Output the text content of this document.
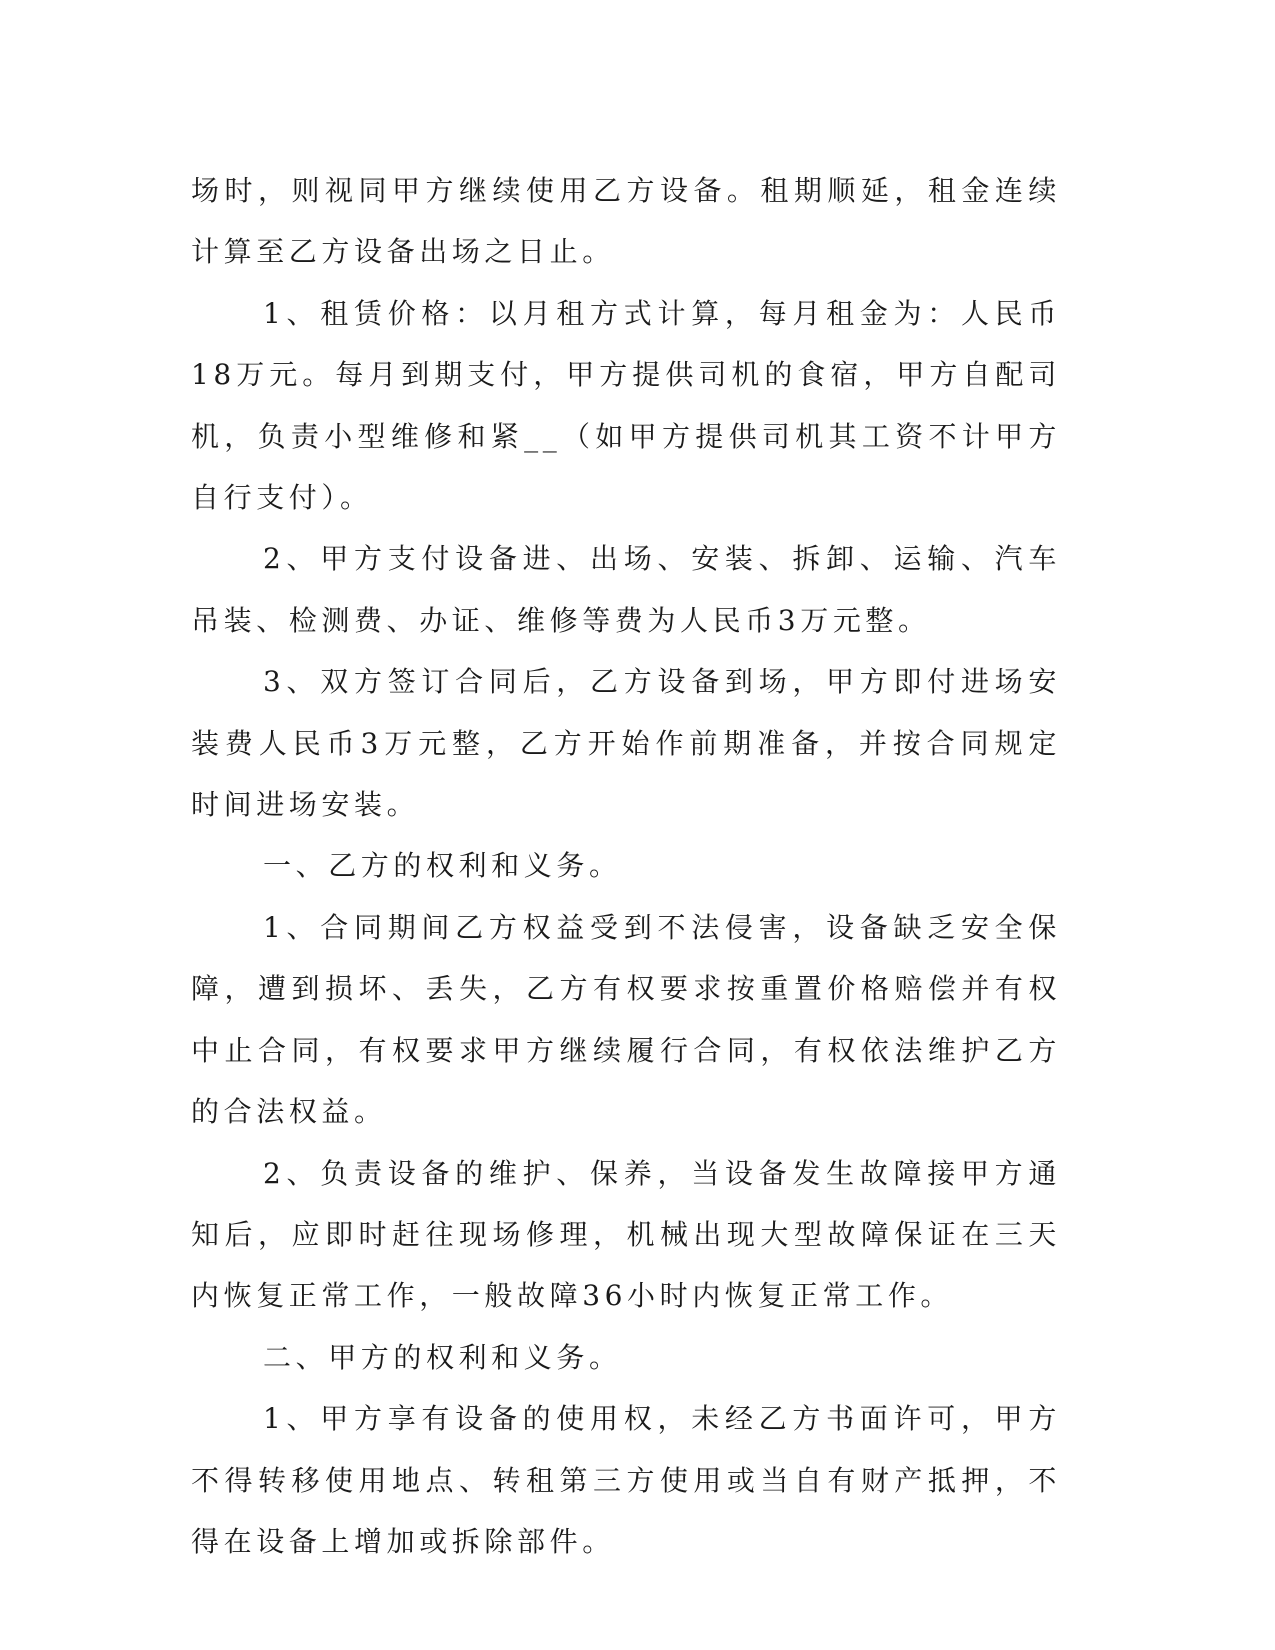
场时，则视同甲方继续使用乙方设备。租期顺延，租金连续计算至乙方设备出场之日止。

1、租赁价格：以月租方式计算，每月租金为：人民币18万元。每月到期支付，甲方提供司机的食宿，甲方自配司机，负责小型维修和紧__（如甲方提供司机其工资不计甲方自行支付）。

2、甲方支付设备进、出场、安装、拆卸、运输、汽车吊装、检测费、办证、维修等费为人民币3万元整。

3、双方签订合同后，乙方设备到场，甲方即付进场安装费人民币3万元整，乙方开始作前期准备，并按合同规定时间进场安装。

一、乙方的权利和义务。

1、合同期间乙方权益受到不法侵害，设备缺乏安全保障，遭到损坏、丢失，乙方有权要求按重置价格赔偿并有权中止合同，有权要求甲方继续履行合同，有权依法维护乙方的合法权益。

2、负责设备的维护、保养，当设备发生故障接甲方通知后，应即时赶往现场修理，机械出现大型故障保证在三天内恢复正常工作，一般故障36小时内恢复正常工作。

二、甲方的权利和义务。

1、甲方享有设备的使用权，未经乙方书面许可，甲方不得转移使用地点、转租第三方使用或当自有财产抵押，不得在设备上增加或拆除部件。
